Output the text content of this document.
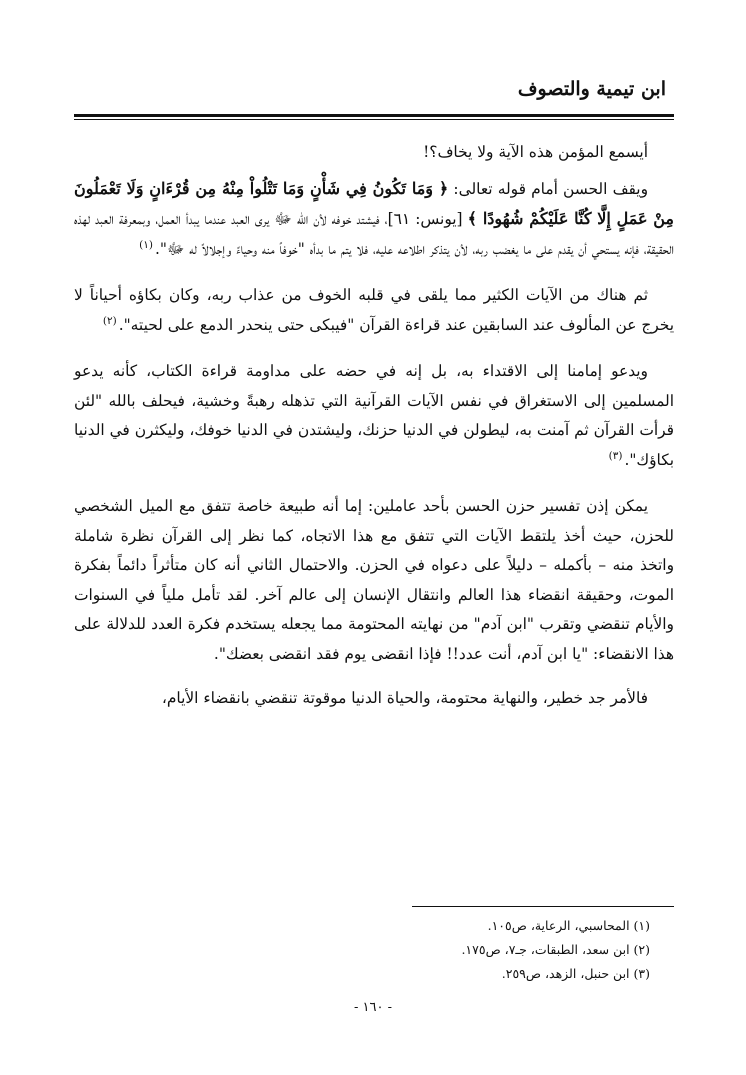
ابن تيمية والتصوف

أيسمع المؤمن هذه الآية ولا يخاف؟!

ويقف الحسن أمام قوله تعالى: ﴿ وَمَا تَكُونُ فِي شَأْنٍ وَمَا تَتْلُواْ مِنْهُ مِن قُرْءَانٍ وَلَا تَعْمَلُونَ مِنْ عَمَلٍ إِلَّا كُنَّا عَلَيْكُمْ شُهُودًا ﴾ [يونس: ٦١]، فيشتد خوفه لأن الله ﷻ يرى العبد عندما يبدأ العمل، وبمعرفة العبد لهذه الحقيقة، فإنه يستحي أن يقدم على ما يغضب ربه، لأن يتذكر اطلاعه عليه، فلا يتم ما بدأه "خوفاً منه وحياءً وإجلالاً له ﷻ".$^{(١)}$

ثم هناك من الآيات الكثير مما يلقى في قلبه الخوف من عذاب ربه، وكان بكاؤه أحياناً لا يخرج عن المألوف عند السابقين عند قراءة القرآن "فيبكى حتى ينحدر الدمع على لحيته".$^{(٢)}$

ويدعو إمامنا إلى الاقتداء به، بل إنه في حضه على مداومة قراءة الكتاب، كأنه يدعو المسلمين إلى الاستغراق في نفس الآيات القرآنية التي تذهله رهبةً وخشية، فيحلف بالله "لئن قرأت القرآن ثم آمنت به، ليطولن في الدنيا حزنك، وليشتدن في الدنيا خوفك، وليكثرن في الدنيا بكاؤك".$^{(٣)}$

يمكن إذن تفسير حزن الحسن بأحد عاملين: إما أنه طبيعة خاصة تتفق مع الميل الشخصي للحزن، حيث أخذ يلتقط الآيات التي تتفق مع هذا الاتجاه، كما نظر إلى القرآن نظرة شاملة واتخذ منه – بأكمله – دليلاً على دعواه في الحزن. والاحتمال الثاني أنه كان متأثراً دائماً بفكرة الموت، وحقيقة انقضاء هذا العالم وانتقال الإنسان إلى عالم آخر. لقد تأمل ملياً في السنوات والأيام تنقضي وتقرب "ابن آدم" من نهايته المحتومة مما يجعله يستخدم فكرة العدد للدلالة على هذا الانقضاء: "يا ابن آدم، أنت عدد!! فإذا انقضى يوم فقد انقضى بعضك".

فالأمر جد خطير، والنهاية محتومة، والحياة الدنيا موقوتة تنقضي بانقضاء الأيام،

(١) المحاسبي، الرعاية، ص١٠٥.
(٢) ابن سعد، الطبقات، جـ٧، ص١٧٥.
(٣) ابن حنبل، الزهد، ص٢٥٩.
- ١٦٠ -
